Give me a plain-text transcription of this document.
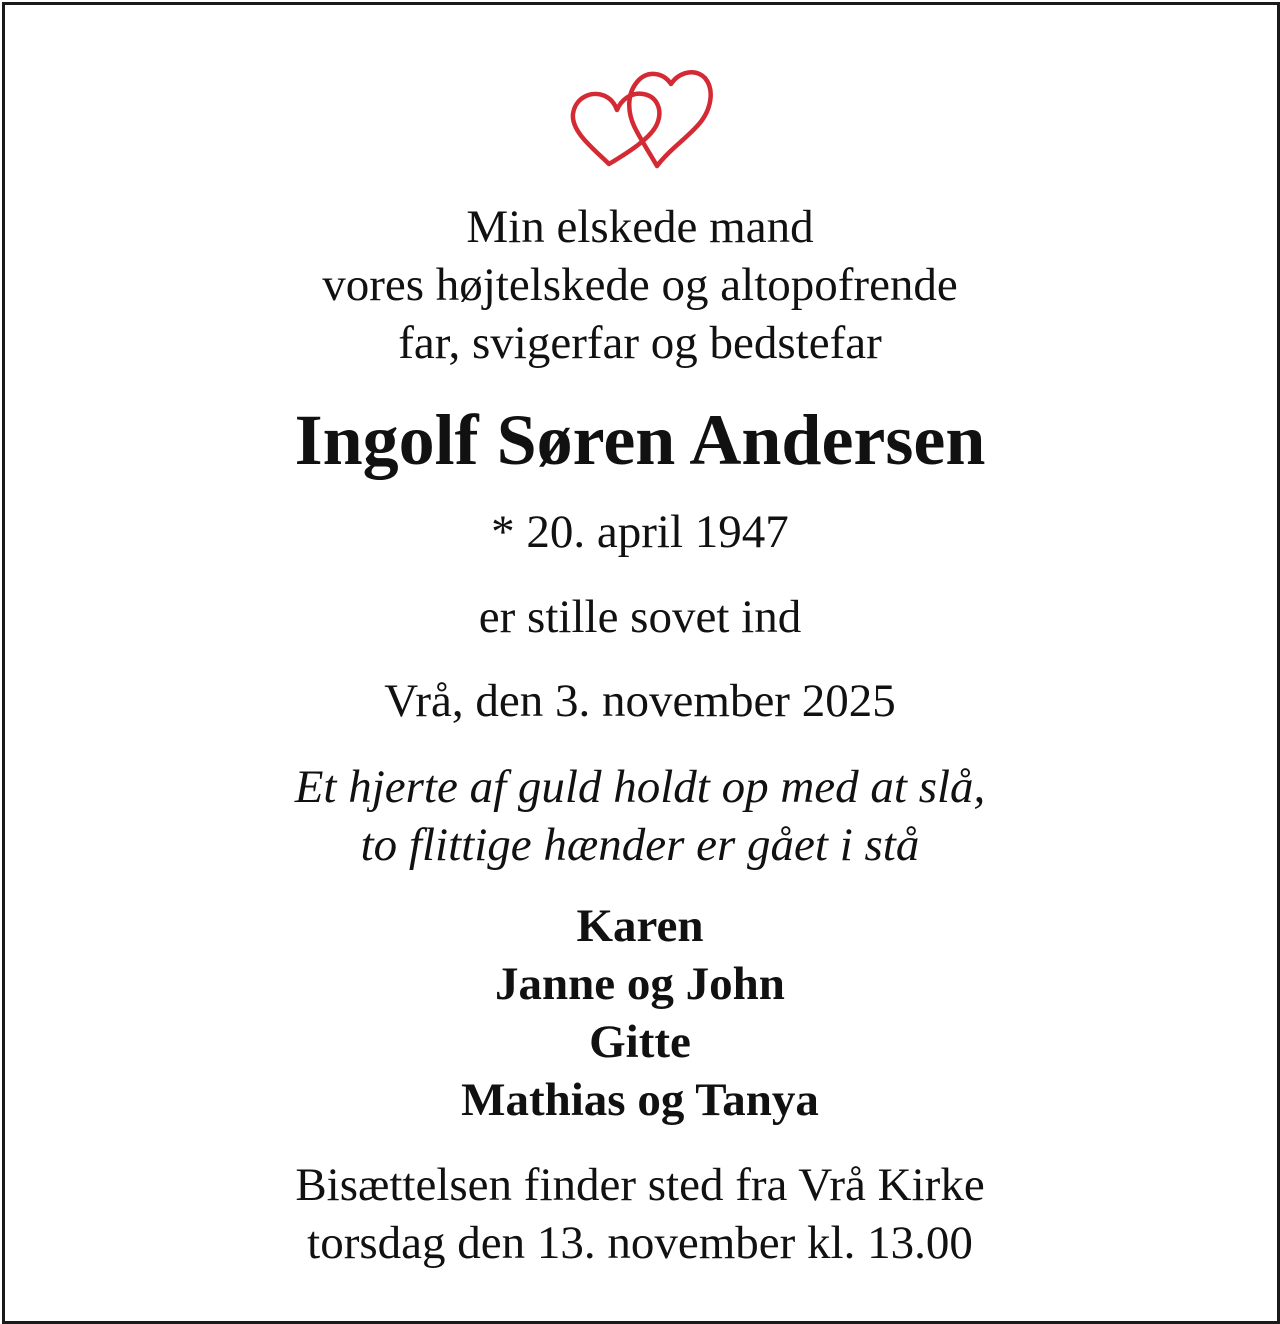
Min elskede mand
vores højtelskede og altopofrende
far, svigerfar og bedstefar
Ingolf Søren Andersen
* 20. april 1947
er stille sovet ind
Vrå, den 3. november 2025
Et hjerte af guld holdt op med at slå,
to flittige hænder er gået i stå
Karen
Janne og John
Gitte
Mathias og Tanya
Bisættelsen finder sted fra Vrå Kirke
torsdag den 13. november kl. 13.00
